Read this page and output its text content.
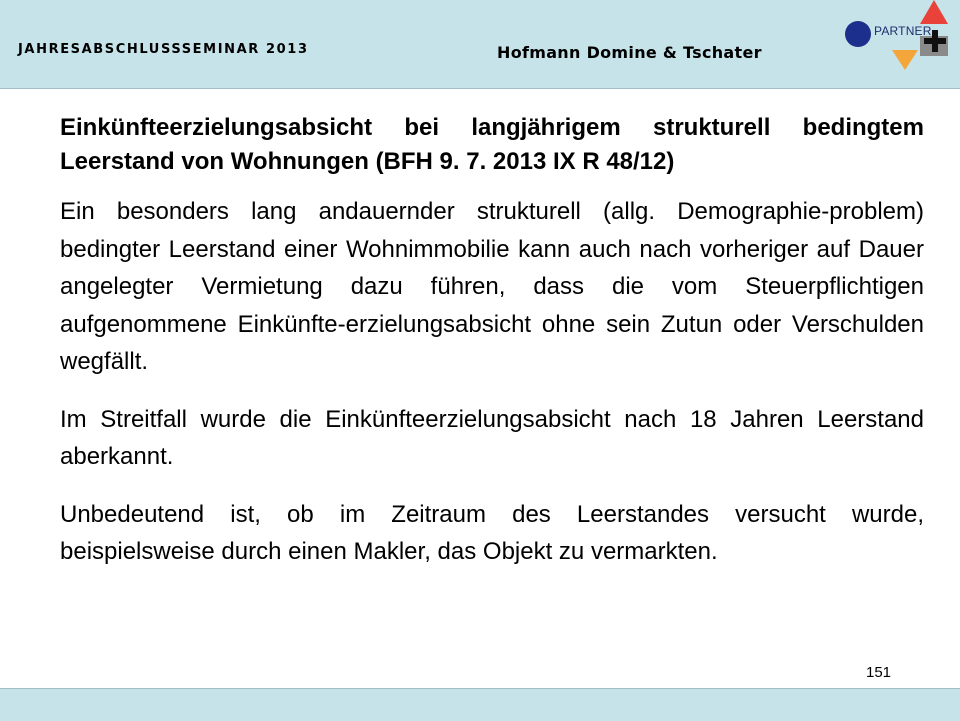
JAHRESABSCHLUSSSEMINAR 2013	Hofmann Domine & Tschater
PARTNER

Einkünfteerzielungsabsicht bei langjährigem strukturell bedingtem Leerstand von Wohnungen (BFH 9. 7. 2013 IX R 48/12)

Ein besonders lang andauernder strukturell (allg. Demographie-problem) bedingter Leerstand einer Wohnimmobilie kann auch nach vorheriger auf Dauer angelegter Vermietung dazu führen, dass die vom Steuerpflichtigen aufgenommene Einkünfte-erzielungsabsicht ohne sein Zutun oder Verschulden wegfällt.

Im Streitfall wurde die Einkünfteerzielungsabsicht nach 18 Jahren Leerstand aberkannt.

Unbedeutend ist, ob im Zeitraum des Leerstandes versucht wurde, beispielsweise durch einen Makler, das Objekt zu vermarkten.

151
